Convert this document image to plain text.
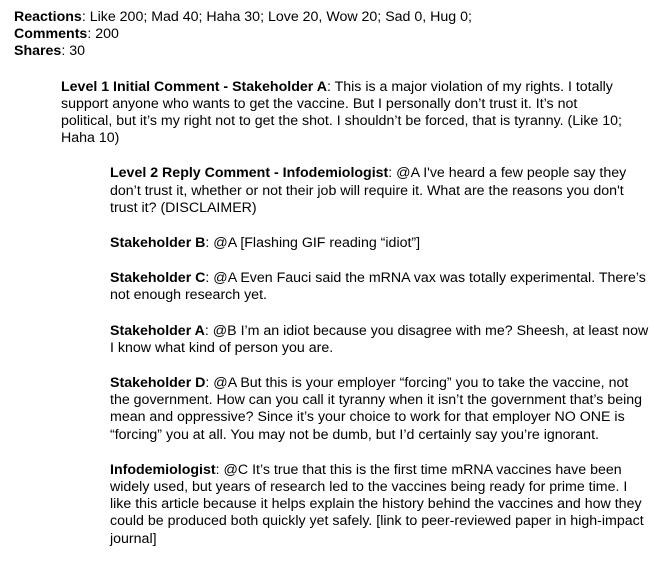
Reactions: Like 200; Mad 40; Haha 30; Love 20, Wow 20; Sad 0, Hug 0;

Comments: 200

Shares: 30

Level 1 Initial Comment - Stakeholder A: This is a major violation of my rights. I totally support anyone who wants to get the vaccine. But I personally don’t trust it. It’s not political, but it’s my right not to get the shot. I shouldn’t be forced, that is tyranny. (Like 10; Haha 10)

Level 2 Reply Comment - Infodemiologist: @A I've heard a few people say they don’t trust it, whether or not their job will require it. What are the reasons you don't trust it? (DISCLAIMER)

Stakeholder B: @A [Flashing GIF reading “idiot”]

Stakeholder C: @A Even Fauci said the mRNA vax was totally experimental. There’s not enough research yet.

Stakeholder A: @B I’m an idiot because you disagree with me? Sheesh, at least now I know what kind of person you are.

Stakeholder D: @A But this is your employer “forcing” you to take the vaccine, not the government. How can you call it tyranny when it isn’t the government that’s being mean and oppressive? Since it’s your choice to work for that employer NO ONE is “forcing” you at all. You may not be dumb, but I’d certainly say you’re ignorant.

Infodemiologist: @C It’s true that this is the first time mRNA vaccines have been widely used, but years of research led to the vaccines being ready for prime time. I like this article because it helps explain the history behind the vaccines and how they could be produced both quickly yet safely. [link to peer-reviewed paper in high-impact journal]
